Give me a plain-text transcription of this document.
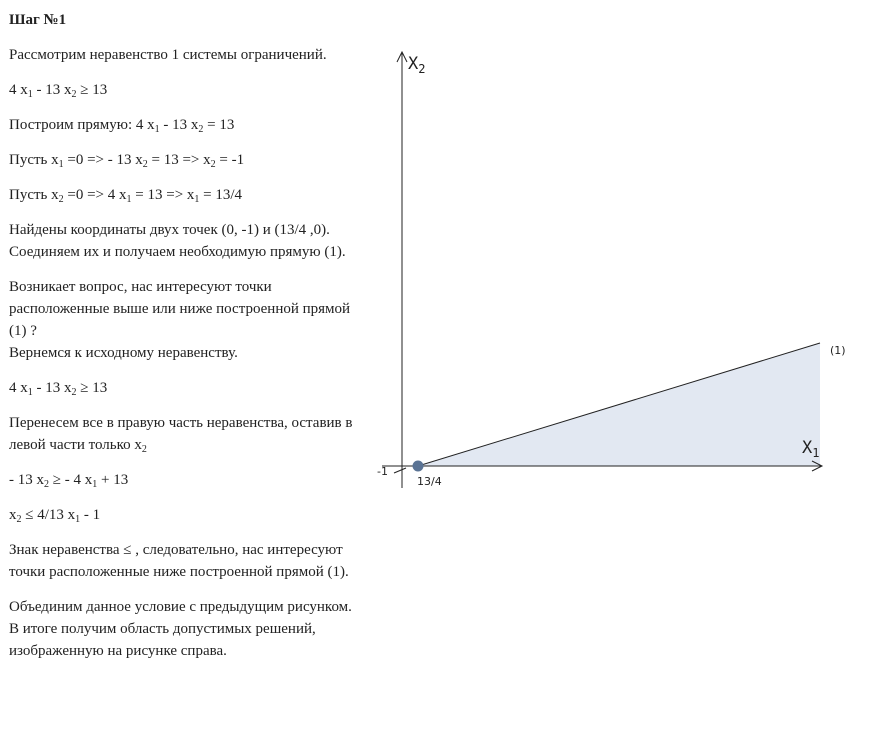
Шаг №1
Рассмотрим неравенство 1 системы ограничений.
4 $x_1 - 13$ $x_2 \ge 13$
Построим прямую: 4 $x_1 - 13$ $x_2 = 13$
Пусть $x_1 =0$ => - 13 $x_2 = 13 => x_2 = -1$
Пусть $x_2 =0 => 4$ $x_1 = 13 => x_1 = 13/4$
Найдены координаты двух точек (0, -1) и (13/4 ,0). Соединяем их и получаем необходимую прямую (1).
Возникает вопрос, нас интересуют точки расположенные выше или ниже построенной прямой (1) ?
Вернемся к исходному неравенству.
4 $x_1 - 13$ $x_2 \ge 13$
Перенесем все в правую часть неравенства, оставив в левой части только $x_2$
- 13 $x_2$ ≥ - 4 $x_1 + 13$
$x_2 \le 4/13$ $x_1 - 1$
Знак неравенства ≤ , следовательно, нас интересуют точки расположенные ниже построенной прямой (1).
Объединим данное условие с предыдущим рисунком. В итоге получим область допустимых решений, изображенную на рисунке справа.
$X_2$
$X_1$
(1)
-1
13/4
